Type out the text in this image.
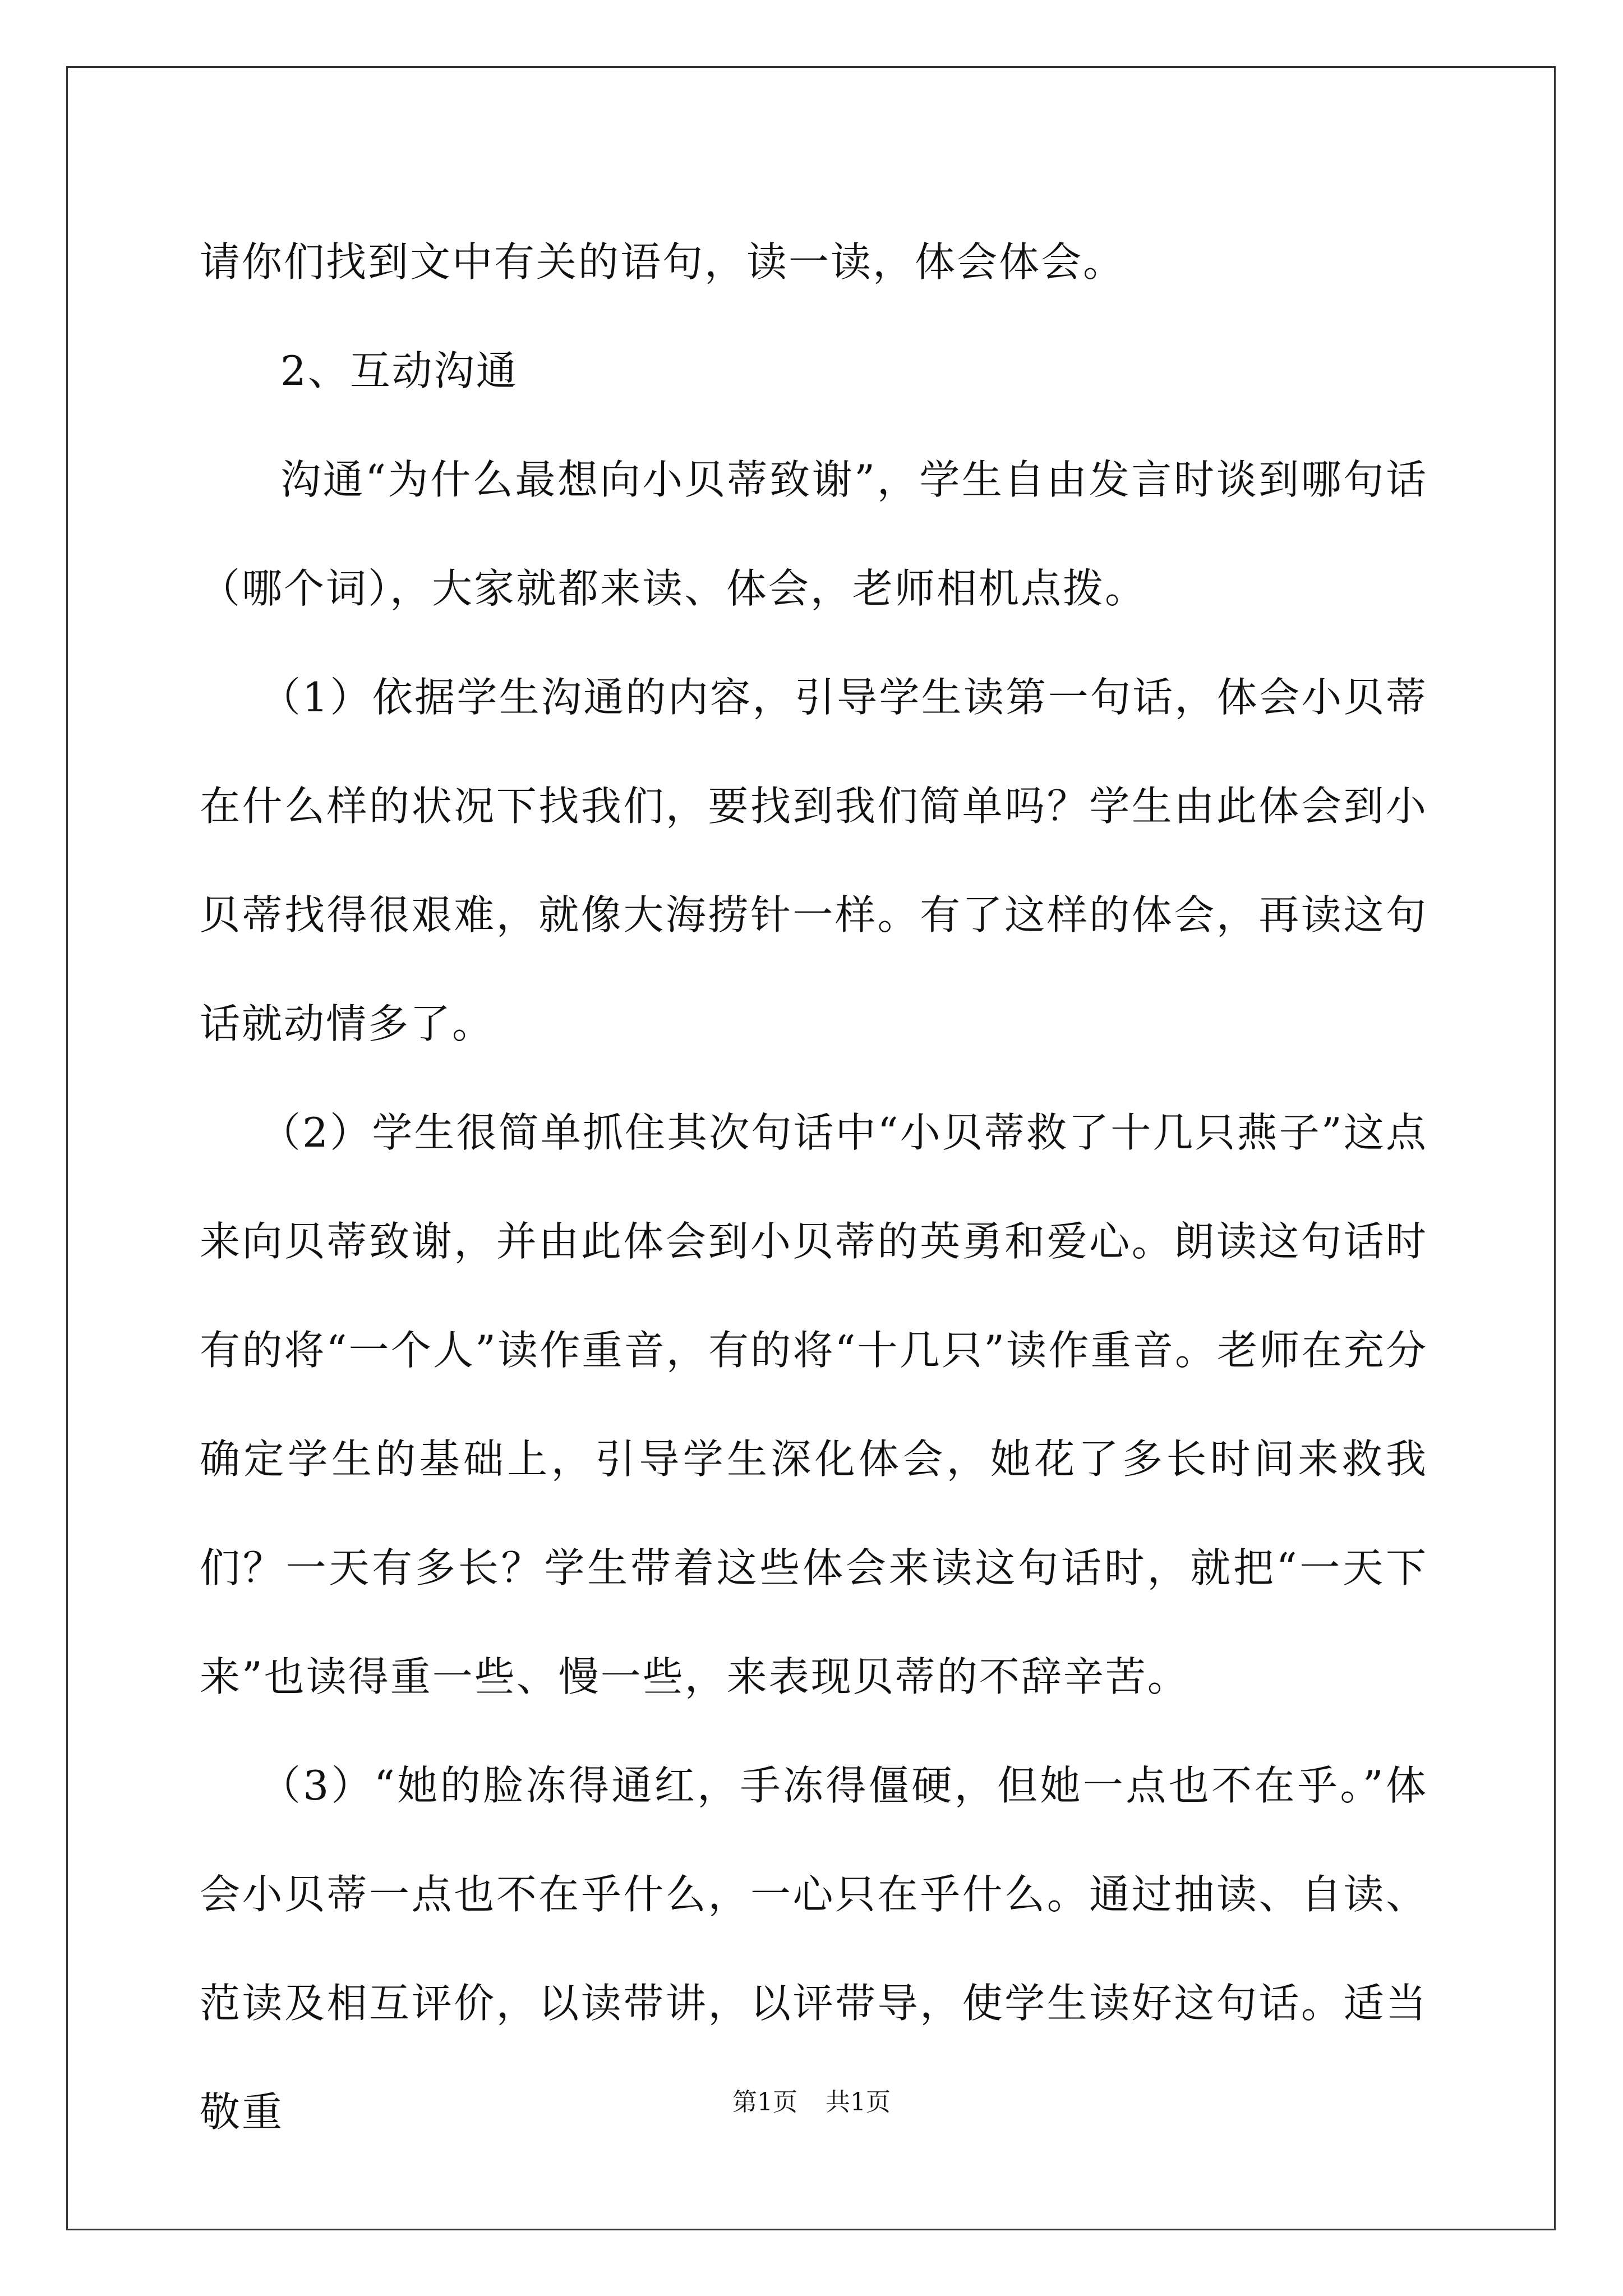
请你们找到文中有关的语句，读一读，体会体会。

2、互动沟通

沟通“为什么最想向小贝蒂致谢”，学生自由发言时谈到哪句话（哪个词），大家就都来读、体会，老师相机点拨。

（1）依据学生沟通的内容，引导学生读第一句话，体会小贝蒂在什么样的状况下找我们，要找到我们简单吗？学生由此体会到小贝蒂找得很艰难，就像大海捞针一样。有了这样的体会，再读这句话就动情多了。

（2）学生很简单抓住其次句话中“小贝蒂救了十几只燕子”这点来向贝蒂致谢，并由此体会到小贝蒂的英勇和爱心。朗读这句话时有的将“一个人”读作重音，有的将“十几只”读作重音。老师在充分确定学生的基础上，引导学生深化体会，她花了多长时间来救我们？一天有多长？学生带着这些体会来读这句话时，就把“一天下来”也读得重一些、慢一些，来表现贝蒂的不辞辛苦。

（3）“她的脸冻得通红，手冻得僵硬，但她一点也不在乎。”体会小贝蒂一点也不在乎什么，一心只在乎什么。通过抽读、自读、范读及相互评价，以读带讲，以评带导，使学生读好这句话。适当敬重	第1页 共1页
